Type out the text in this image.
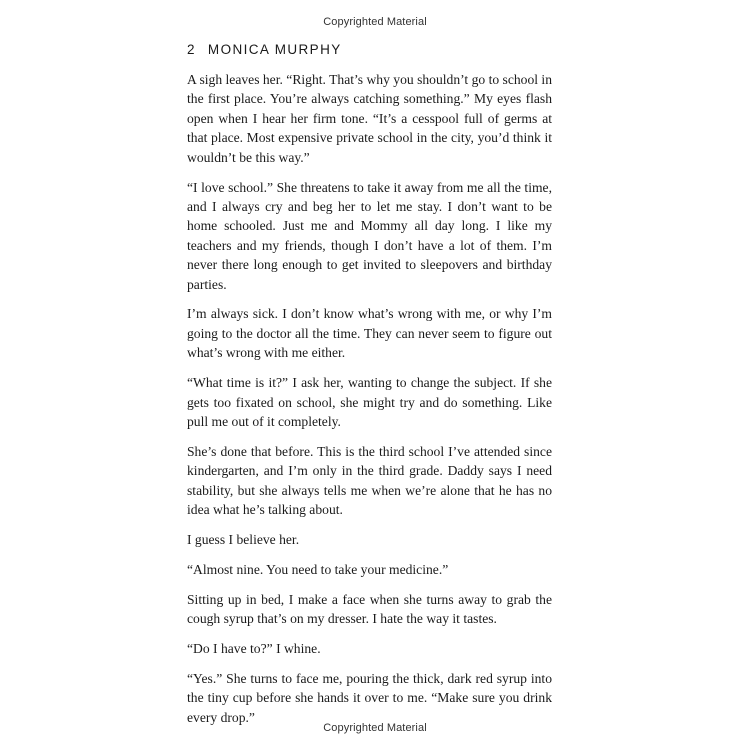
Copyrighted Material
2 MONICA MURPHY

A sigh leaves her. “Right. That’s why you shouldn’t go to school in the first place. You’re always catching something.” My eyes flash open when I hear her firm tone. “It’s a cesspool full of germs at that place. Most expensive private school in the city, you’d think it wouldn’t be this way.”

“I love school.” She threatens to take it away from me all the time, and I always cry and beg her to let me stay. I don’t want to be home schooled. Just me and Mommy all day long. I like my teachers and my friends, though I don’t have a lot of them. I’m never there long enough to get invited to sleepovers and birthday parties.

I’m always sick. I don’t know what’s wrong with me, or why I’m going to the doctor all the time. They can never seem to figure out what’s wrong with me either.

“What time is it?” I ask her, wanting to change the subject. If she gets too fixated on school, she might try and do something. Like pull me out of it completely.

She’s done that before. This is the third school I’ve attended since kindergarten, and I’m only in the third grade. Daddy says I need stability, but she always tells me when we’re alone that he has no idea what he’s talking about.

I guess I believe her.

“Almost nine. You need to take your medicine.”

Sitting up in bed, I make a face when she turns away to grab the cough syrup that’s on my dresser. I hate the way it tastes.

“Do I have to?” I whine.

“Yes.” She turns to face me, pouring the thick, dark red syrup into the tiny cup before she hands it over to me. “Make sure you drink every drop.”

Copyrighted Material
